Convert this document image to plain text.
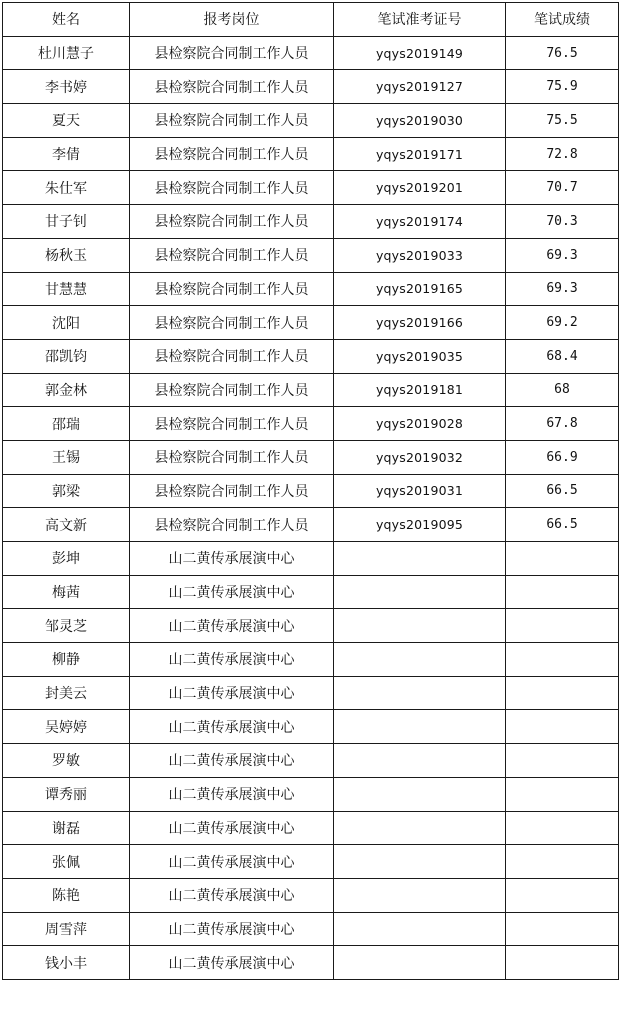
姓名	报考岗位	笔试准考证号	笔试成绩
杜川慧子	县检察院合同制工作人员	yqys2019149	76.5
李书婷	县检察院合同制工作人员	yqys2019127	75.9
夏天	县检察院合同制工作人员	yqys2019030	75.5
李倩	县检察院合同制工作人员	yqys2019171	72.8
朱仕军	县检察院合同制工作人员	yqys2019201	70.7
甘子钊	县检察院合同制工作人员	yqys2019174	70.3
杨秋玉	县检察院合同制工作人员	yqys2019033	69.3
甘慧慧	县检察院合同制工作人员	yqys2019165	69.3
沈阳	县检察院合同制工作人员	yqys2019166	69.2
邵凯钧	县检察院合同制工作人员	yqys2019035	68.4
郭金林	县检察院合同制工作人员	yqys2019181	68
邵瑞	县检察院合同制工作人员	yqys2019028	67.8
王锡	县检察院合同制工作人员	yqys2019032	66.9
郭梁	县检察院合同制工作人员	yqys2019031	66.5
高文新	县检察院合同制工作人员	yqys2019095	66.5
彭坤	山二黄传承展演中心		
梅茜	山二黄传承展演中心		
邹灵芝	山二黄传承展演中心		
柳静	山二黄传承展演中心		
封美云	山二黄传承展演中心		
吴婷婷	山二黄传承展演中心		
罗敏	山二黄传承展演中心		
谭秀丽	山二黄传承展演中心		
谢磊	山二黄传承展演中心		
张佩	山二黄传承展演中心		
陈艳	山二黄传承展演中心		
周雪萍	山二黄传承展演中心		
钱小丰	山二黄传承展演中心		
